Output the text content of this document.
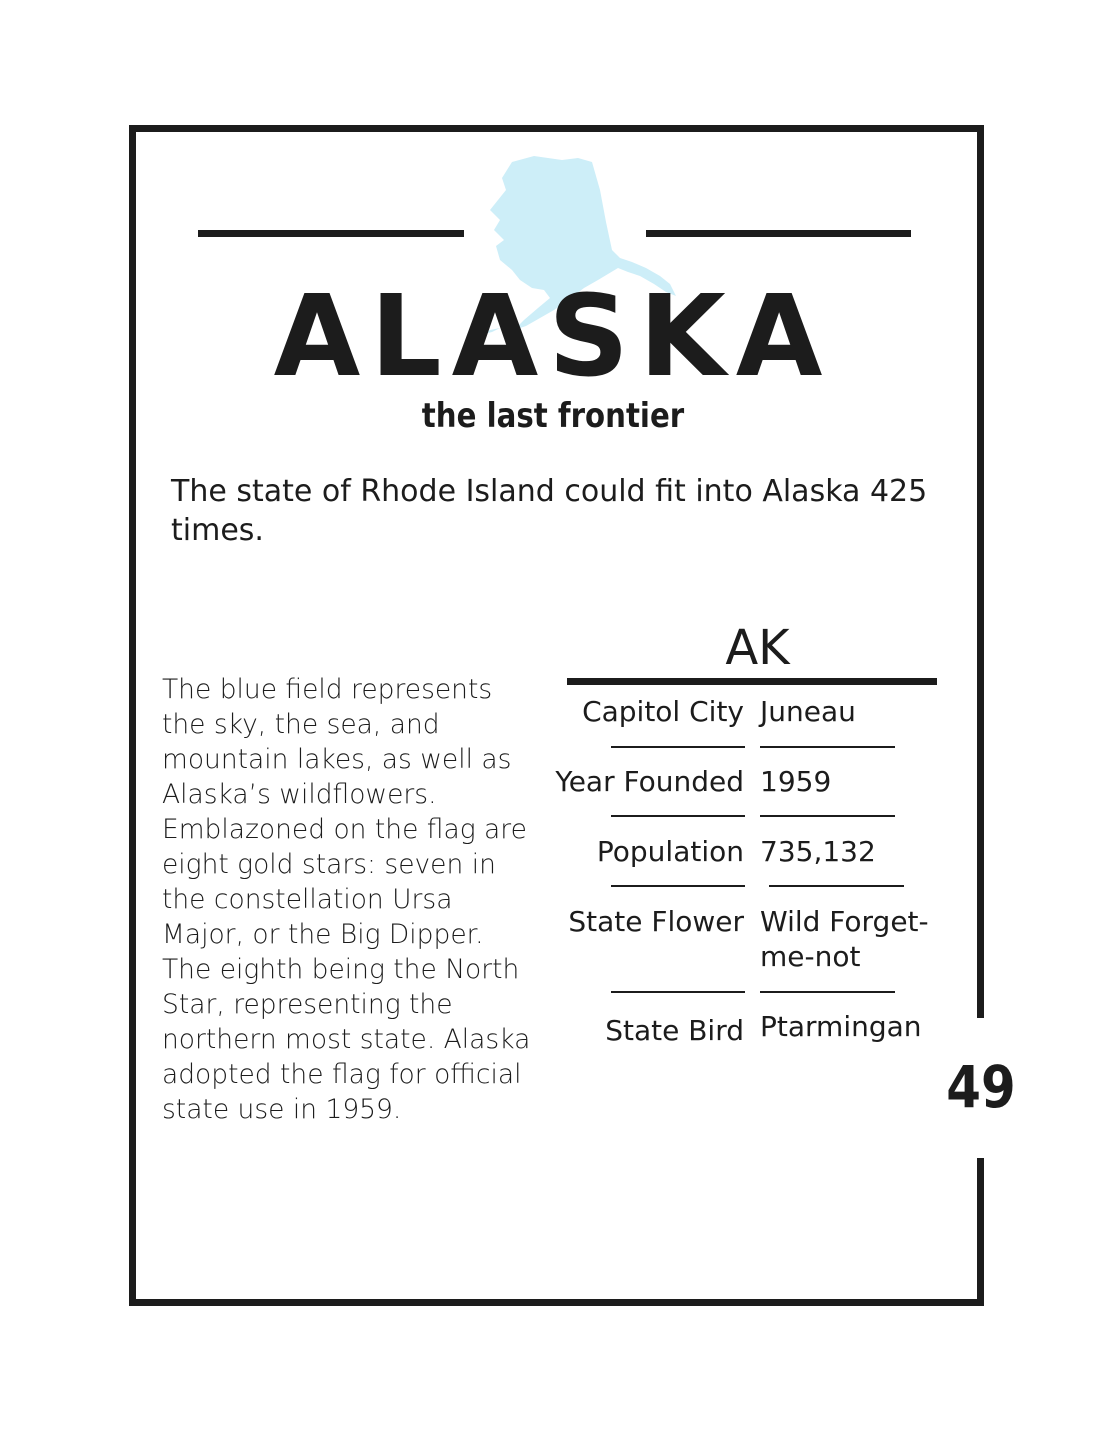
ALASKA
the last frontier
The state of Rhode Island could fit into Alaska 425 times.
The blue field represents the sky, the sea, and mountain lakes, as well as Alaska’s wildflowers. Emblazoned on the flag are eight gold stars: seven in the constellation Ursa Major, or the Big Dipper. The eighth being the North Star, representing the northern most state. Alaska adopted the flag for official state use in 1959.
AK
Capitol City Juneau
Year Founded 1959
Population 735,132
State Flower Wild Forget-
me-not
State Bird Ptarmingan
49
